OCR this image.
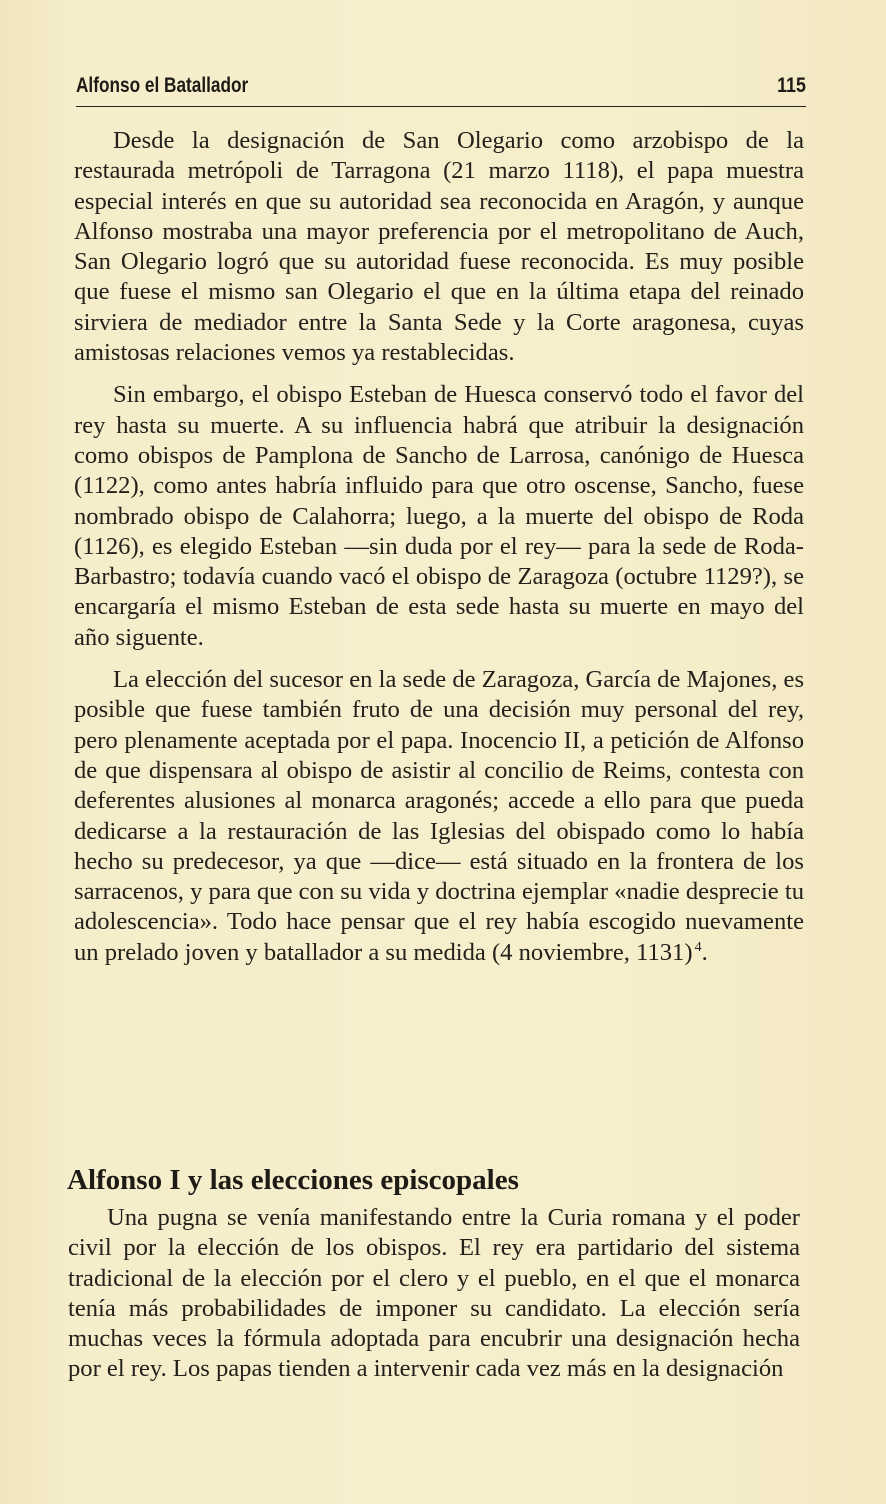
Alfonso el Batallador	115

Desde la designación de San Olegario como arzobispo de la restaurada metrópoli de Tarragona (21 marzo 1118), el papa muestra especial interés en que su autoridad sea reconocida en Aragón, y aunque Alfonso mostraba una mayor preferencia por el metropolitano de Auch, San Olegario logró que su autoridad fuese reconocida. Es muy posible que fuese el mismo san Olegario el que en la última etapa del reinado sirviera de mediador entre la Santa Sede y la Corte aragonesa, cuyas amistosas relaciones vemos ya restablecidas.

Sin embargo, el obispo Esteban de Huesca conservó todo el favor del rey hasta su muerte. A su influencia habrá que atribuir la designación como obispos de Pamplona de Sancho de Larrosa, canónigo de Huesca (1122), como antes habría influido para que otro oscense, Sancho, fuese nombrado obispo de Calahorra; luego, a la muerte del obispo de Roda (1126), es elegido Esteban —sin duda por el rey— para la sede de Roda-Barbastro; todavía cuando vacó el obispo de Zaragoza (octubre 1129?), se encargaría el mismo Esteban de esta sede hasta su muerte en mayo del año siguente.

La elección del sucesor en la sede de Zaragoza, García de Majones, es posible que fuese también fruto de una decisión muy personal del rey, pero plenamente aceptada por el papa. Inocencio II, a petición de Alfonso de que dispensara al obispo de asistir al concilio de Reims, contesta con deferentes alusiones al monarca aragonés; accede a ello para que pueda dedicarse a la restauración de las Iglesias del obispado como lo había hecho su predecesor, ya que —dice— está situado en la frontera de los sarracenos, y para que con su vida y doctrina ejemplar «nadie desprecie tu adolescencia». Todo hace pensar que el rey había escogido nuevamente un prelado joven y batallador a su medida (4 noviembre, 1131)  $^4$.

Alfonso I y las elecciones episcopales

Una pugna se venía manifestando entre la Curia romana y el poder civil por la elección de los obispos. El rey era partidario del sistema tradicional de la elección por el clero y el pueblo, en el que el monarca tenía más probabilidades de imponer su candidato. La elección sería muchas veces la fórmula adoptada para encubrir una designación hecha por el rey. Los papas tienden a intervenir cada vez más en la designación
